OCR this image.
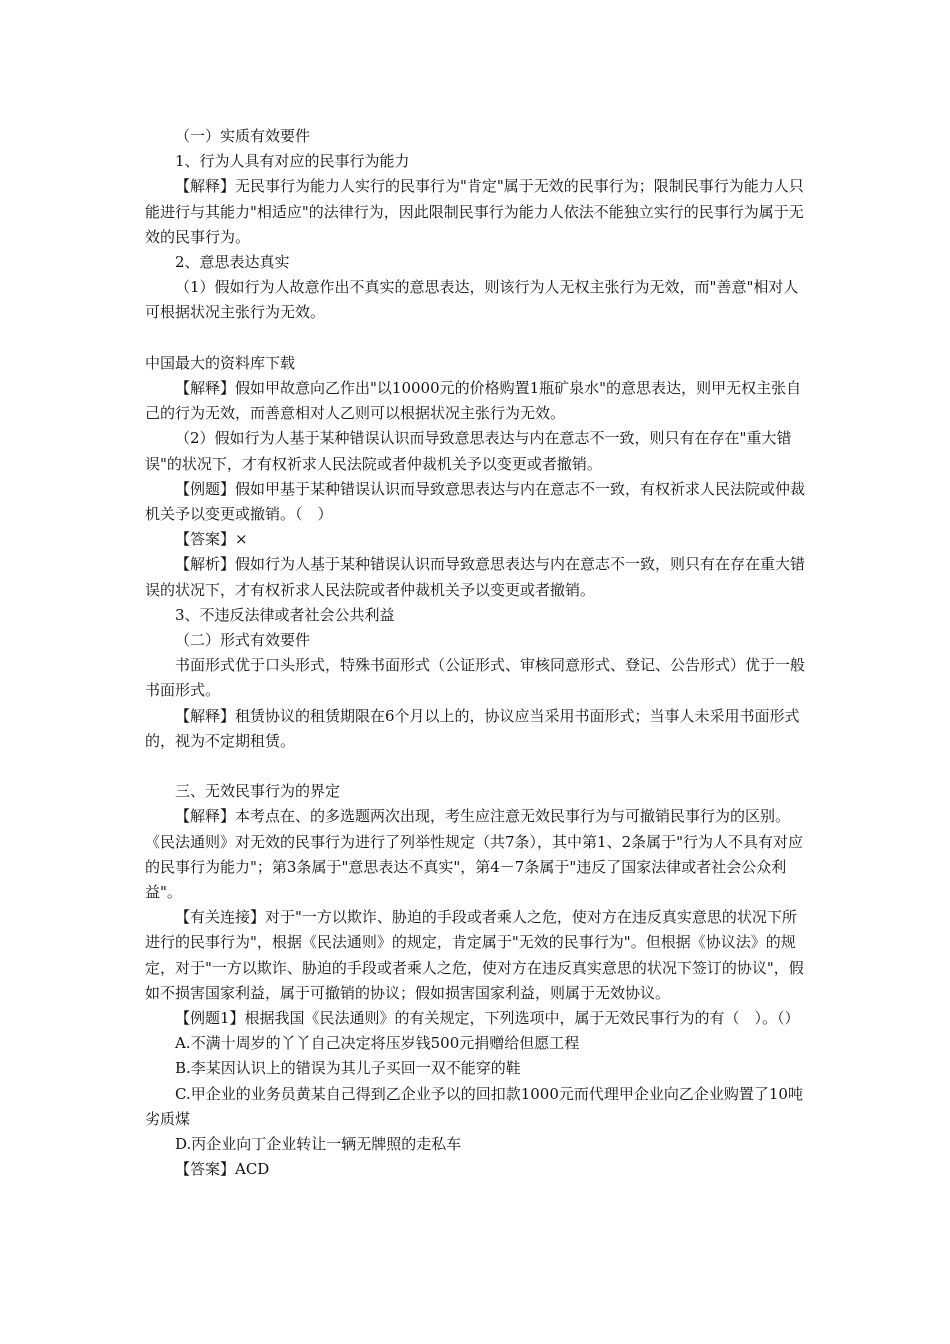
（一）实质有效要件

1、行为人具有对应的民事行为能力

【解释】无民事行为能力人实行的民事行为"肯定"属于无效的民事行为；限制民事行为能力人只能进行与其能力"相适应"的法律行为，因此限制民事行为能力人依法不能独立实行的民事行为属于无效的民事行为。

2、意思表达真实

（1）假如行为人故意作出不真实的意思表达，则该行为人无权主张行为无效，而"善意"相对人可根据状况主张行为无效。

中国最大的资料库下载

【解释】假如甲故意向乙作出"以10000元的价格购置1瓶矿泉水"的意思表达，则甲无权主张自己的行为无效，而善意相对人乙则可以根据状况主张行为无效。

（2）假如行为人基于某种错误认识而导致意思表达与内在意志不一致，则只有在存在"重大错误"的状况下，才有权祈求人民法院或者仲裁机关予以变更或者撤销。

【例题】假如甲基于某种错误认识而导致意思表达与内在意志不一致，有权祈求人民法院或仲裁机关予以变更或撤销。（　）

【答案】×

【解析】假如行为人基于某种错误认识而导致意思表达与内在意志不一致，则只有在存在重大错误的状况下，才有权祈求人民法院或者仲裁机关予以变更或者撤销。

3、不违反法律或者社会公共利益

（二）形式有效要件

书面形式优于口头形式，特殊书面形式（公证形式、审核同意形式、登记、公告形式）优于一般书面形式。

【解释】租赁协议的租赁期限在6个月以上的，协议应当采用书面形式；当事人未采用书面形式的，视为不定期租赁。

三、无效民事行为的界定

【解释】本考点在、的多选题两次出现，考生应注意无效民事行为与可撤销民事行为的区别。《民法通则》对无效的民事行为进行了列举性规定（共7条），其中第1、2条属于"行为人不具有对应的民事行为能力"；第3条属于"意思表达不真实"，第4－7条属于"违反了国家法律或者社会公众利益"。

【有关连接】对于"一方以欺诈、胁迫的手段或者乘人之危，使对方在违反真实意思的状况下所进行的民事行为"，根据《民法通则》的规定，肯定属于"无效的民事行为"。但根据《协议法》的规定，对于"一方以欺诈、胁迫的手段或者乘人之危，使对方在违反真实意思的状况下签订的协议"，假如不损害国家利益，属于可撤销的协议；假如损害国家利益，则属于无效协议。

【例题1】根据我国《民法通则》的有关规定，下列选项中，属于无效民事行为的有（　）。（）

A.不满十周岁的丫丫自己决定将压岁钱500元捐赠给但愿工程

B.李某因认识上的错误为其儿子买回一双不能穿的鞋

C.甲企业的业务员黄某自己得到乙企业予以的回扣款1000元而代理甲企业向乙企业购置了10吨劣质煤

D.丙企业向丁企业转让一辆无牌照的走私车

【答案】ACD
